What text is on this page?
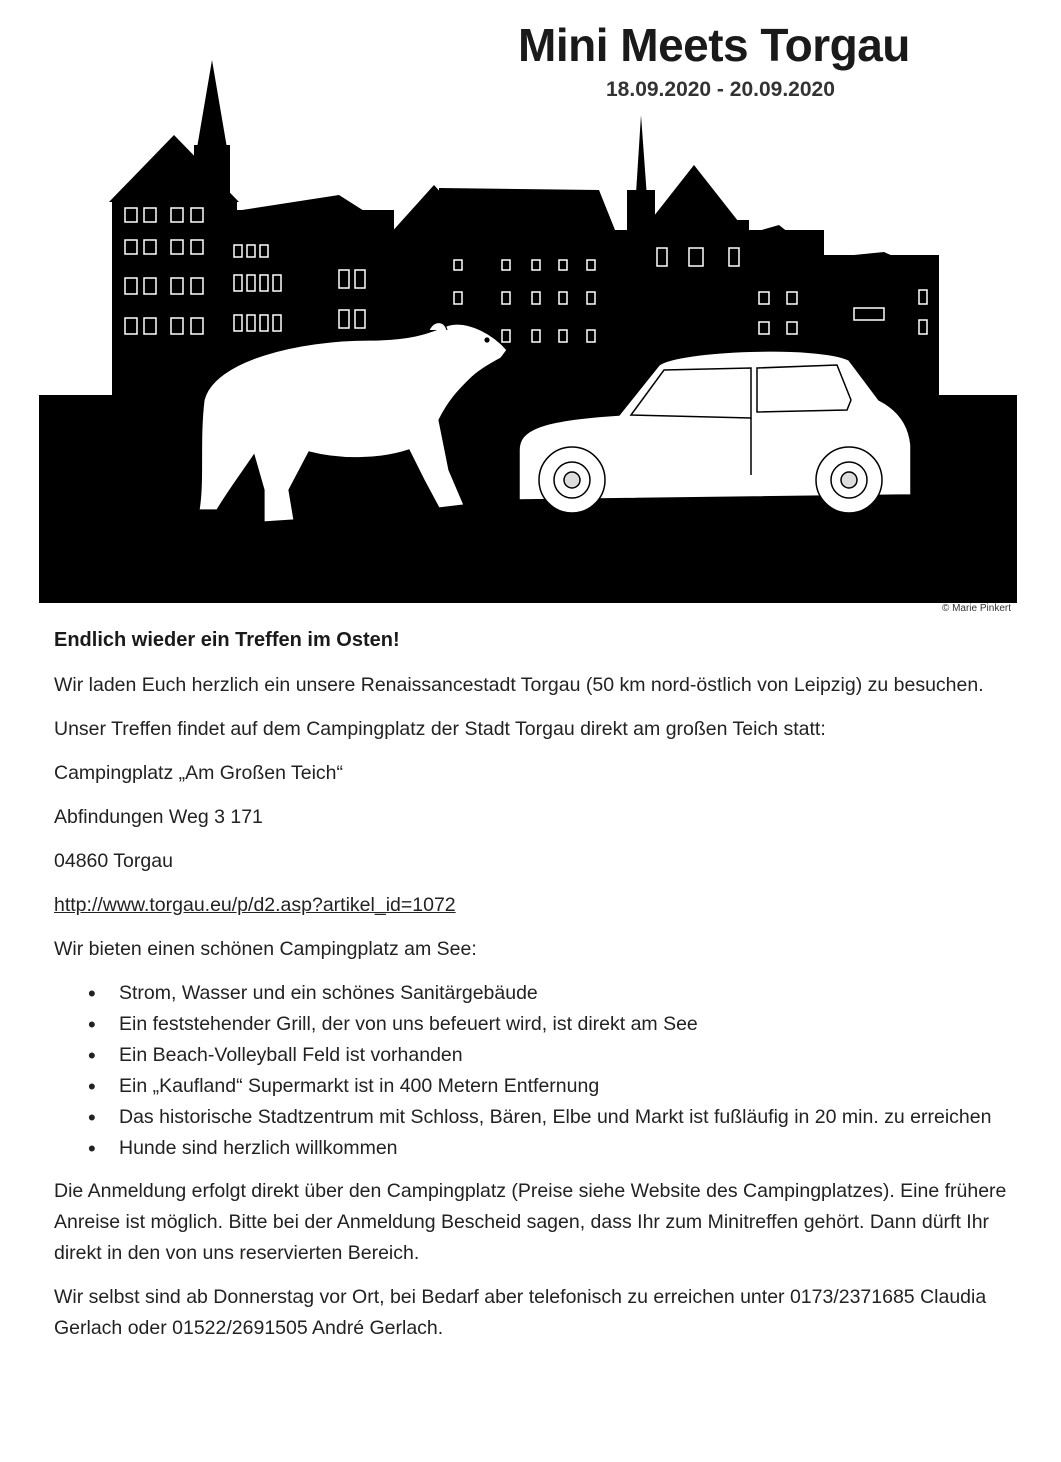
Mini Meets Torgau
18.09.2020 - 20.09.2020
© Marie Pinkert
Endlich wieder ein Treffen im Osten!

Wir laden Euch herzlich ein unsere Renaissancestadt Torgau (50 km nord-östlich von Leipzig) zu besuchen.

Unser Treffen findet auf dem Campingplatz der Stadt Torgau direkt am großen Teich statt:

Campingplatz „Am Großen Teich“

Abfindungen Weg 3 171

04860 Torgau

http://www.torgau.eu/p/d2.asp?artikel_id=1072

Wir bieten einen schönen Campingplatz am See:

• Strom, Wasser und ein schönes Sanitärgebäude
• Ein feststehender Grill, der von uns befeuert wird, ist direkt am See
• Ein Beach-Volleyball Feld ist vorhanden
• Ein „Kaufland“ Supermarkt ist in 400 Metern Entfernung
• Das historische Stadtzentrum mit Schloss, Bären, Elbe und Markt ist fußläufig in 20 min. zu erreichen
• Hunde sind herzlich willkommen

Die Anmeldung erfolgt direkt über den Campingplatz (Preise siehe Website des Campingplatzes). Eine frühere Anreise ist möglich. Bitte bei der Anmeldung Bescheid sagen, dass Ihr zum Minitreffen gehört. Dann dürft Ihr direkt in den von uns reservierten Bereich.

Wir selbst sind ab Donnerstag vor Ort, bei Bedarf aber telefonisch zu erreichen unter 0173/2371685 Claudia Gerlach oder 01522/2691505 André Gerlach.
